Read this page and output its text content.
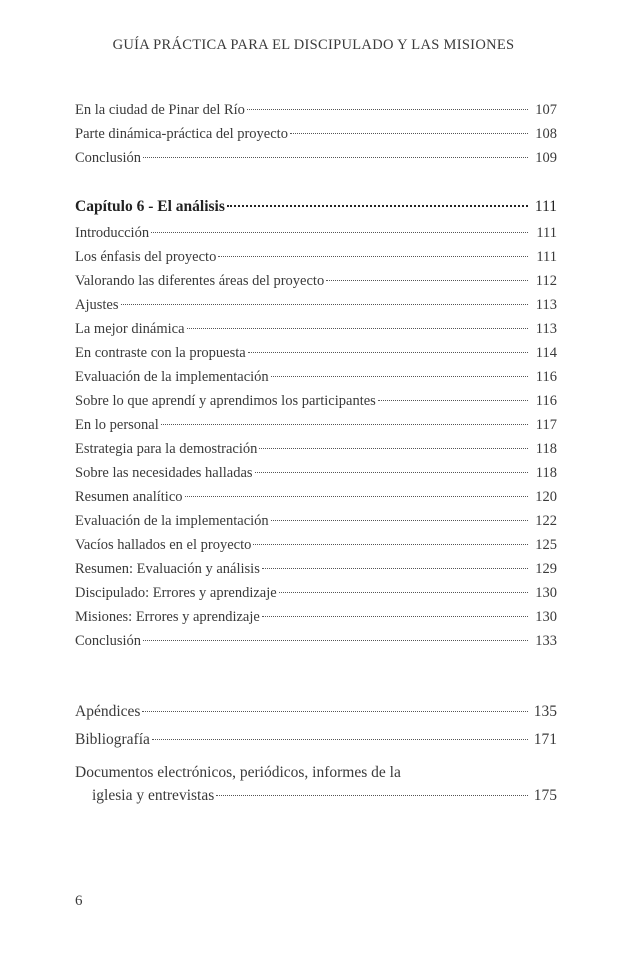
GUÍA PRÁCTICA PARA EL DISCIPULADO Y LAS MISIONES
En la ciudad de Pinar del Río	107
Parte dinámica-práctica del proyecto	108
Conclusión	109
Capítulo 6 - El análisis	111
Introducción	111
Los énfasis del proyecto	111
Valorando las diferentes áreas del proyecto	112
Ajustes	113
La mejor dinámica	113
En contraste con la propuesta	114
Evaluación de la implementación	116
Sobre lo que aprendí y aprendimos los participantes	116
En lo personal	117
Estrategia para la demostración	118
Sobre las necesidades halladas	118
Resumen analítico	120
Evaluación de la implementación	122
Vacíos hallados en el proyecto	125
Resumen: Evaluación y análisis	129
Discipulado: Errores y aprendizaje	130
Misiones: Errores y aprendizaje	130
Conclusión	133
Apéndices	135
Bibliografía	171
Documentos electrónicos, periódicos, informes de la
iglesia y entrevistas	175
6
